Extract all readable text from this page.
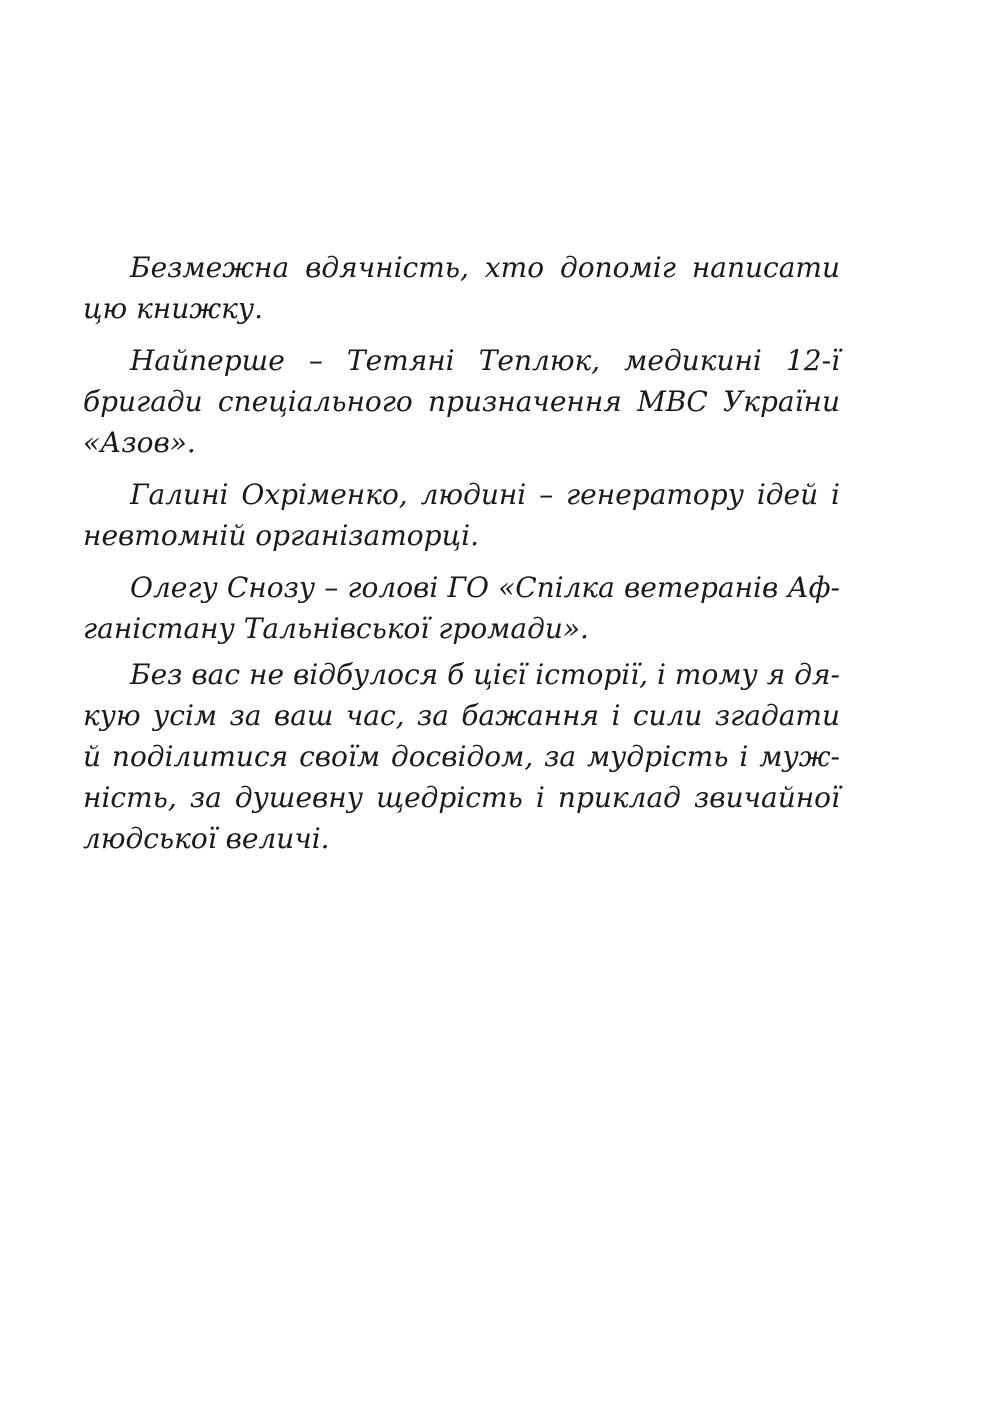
Безмежна вдячність, хто допоміг написати
цю книжку.

Найперше – Тетяні Теплюк, медикині 12-ї
бригади спеціального призначення МВС України
«Азов».

Галині Охріменко, людині – генератору ідей і
невтомній організаторці.

Олегу Снозу – голові ГО «Спілка ветеранів Аф-
ганістану Тальнівської громади».

Без вас не відбулося б цієї історії, і тому я дя-
кую усім за ваш час, за бажання і сили згадати
й поділитися своїм досвідом, за мудрість і муж-
ність, за душевну щедрість і приклад звичайної
людської величі.
